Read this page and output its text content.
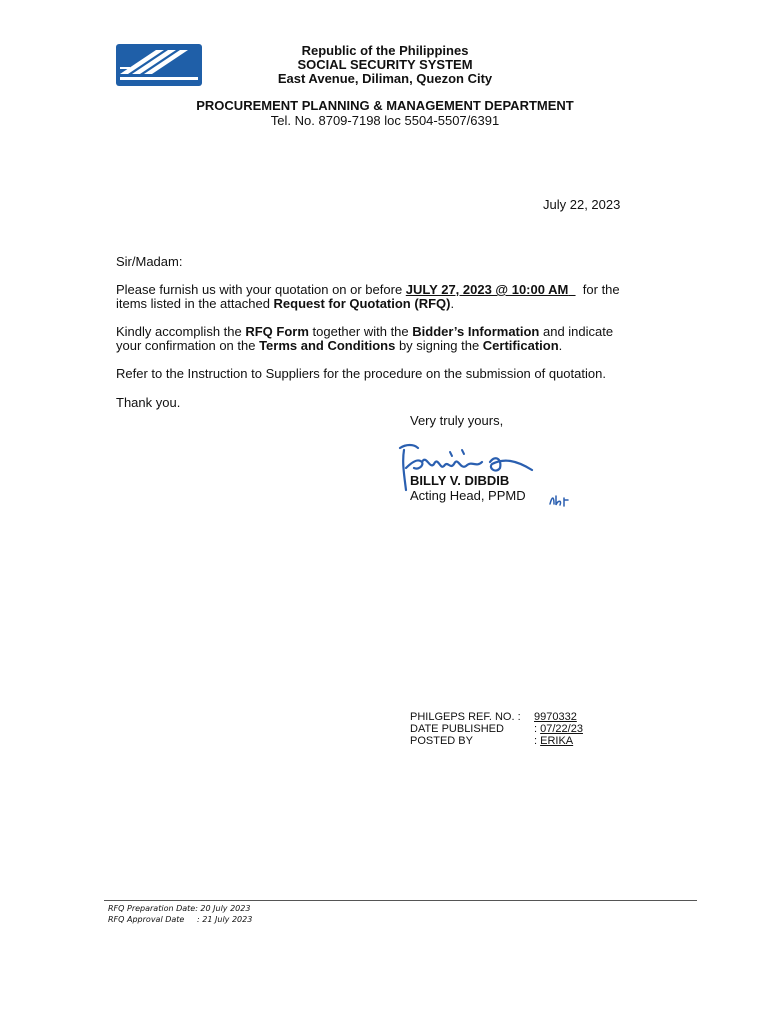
Republic of the Philippines
SOCIAL SECURITY SYSTEM
East Avenue, Diliman, Quezon City
PROCUREMENT PLANNING & MANAGEMENT DEPARTMENT
Tel. No. 8709-7198 loc 5504-5507/6391
July 22, 2023
Sir/Madam:
Please furnish us with your quotation on or before JULY 27, 2023 @ 10:00 AM for the
items listed in the attached Request for Quotation (RFQ).
Kindly accomplish the RFQ Form together with the Bidder’s Information and indicate
your confirmation on the Terms and Conditions by signing the Certification.
Refer to the Instruction to Suppliers for the procedure on the submission of quotation.
Thank you.
Very truly yours,
BILLY V. DIBDIB
Acting Head, PPMD
PHILGEPS REF. NO. : 9970332
DATE PUBLISHED	: 07/22/23
POSTED BY	: ERIKA
RFQ Preparation Date: 20 July 2023
RFQ Approval Date     : 21 July 2023
